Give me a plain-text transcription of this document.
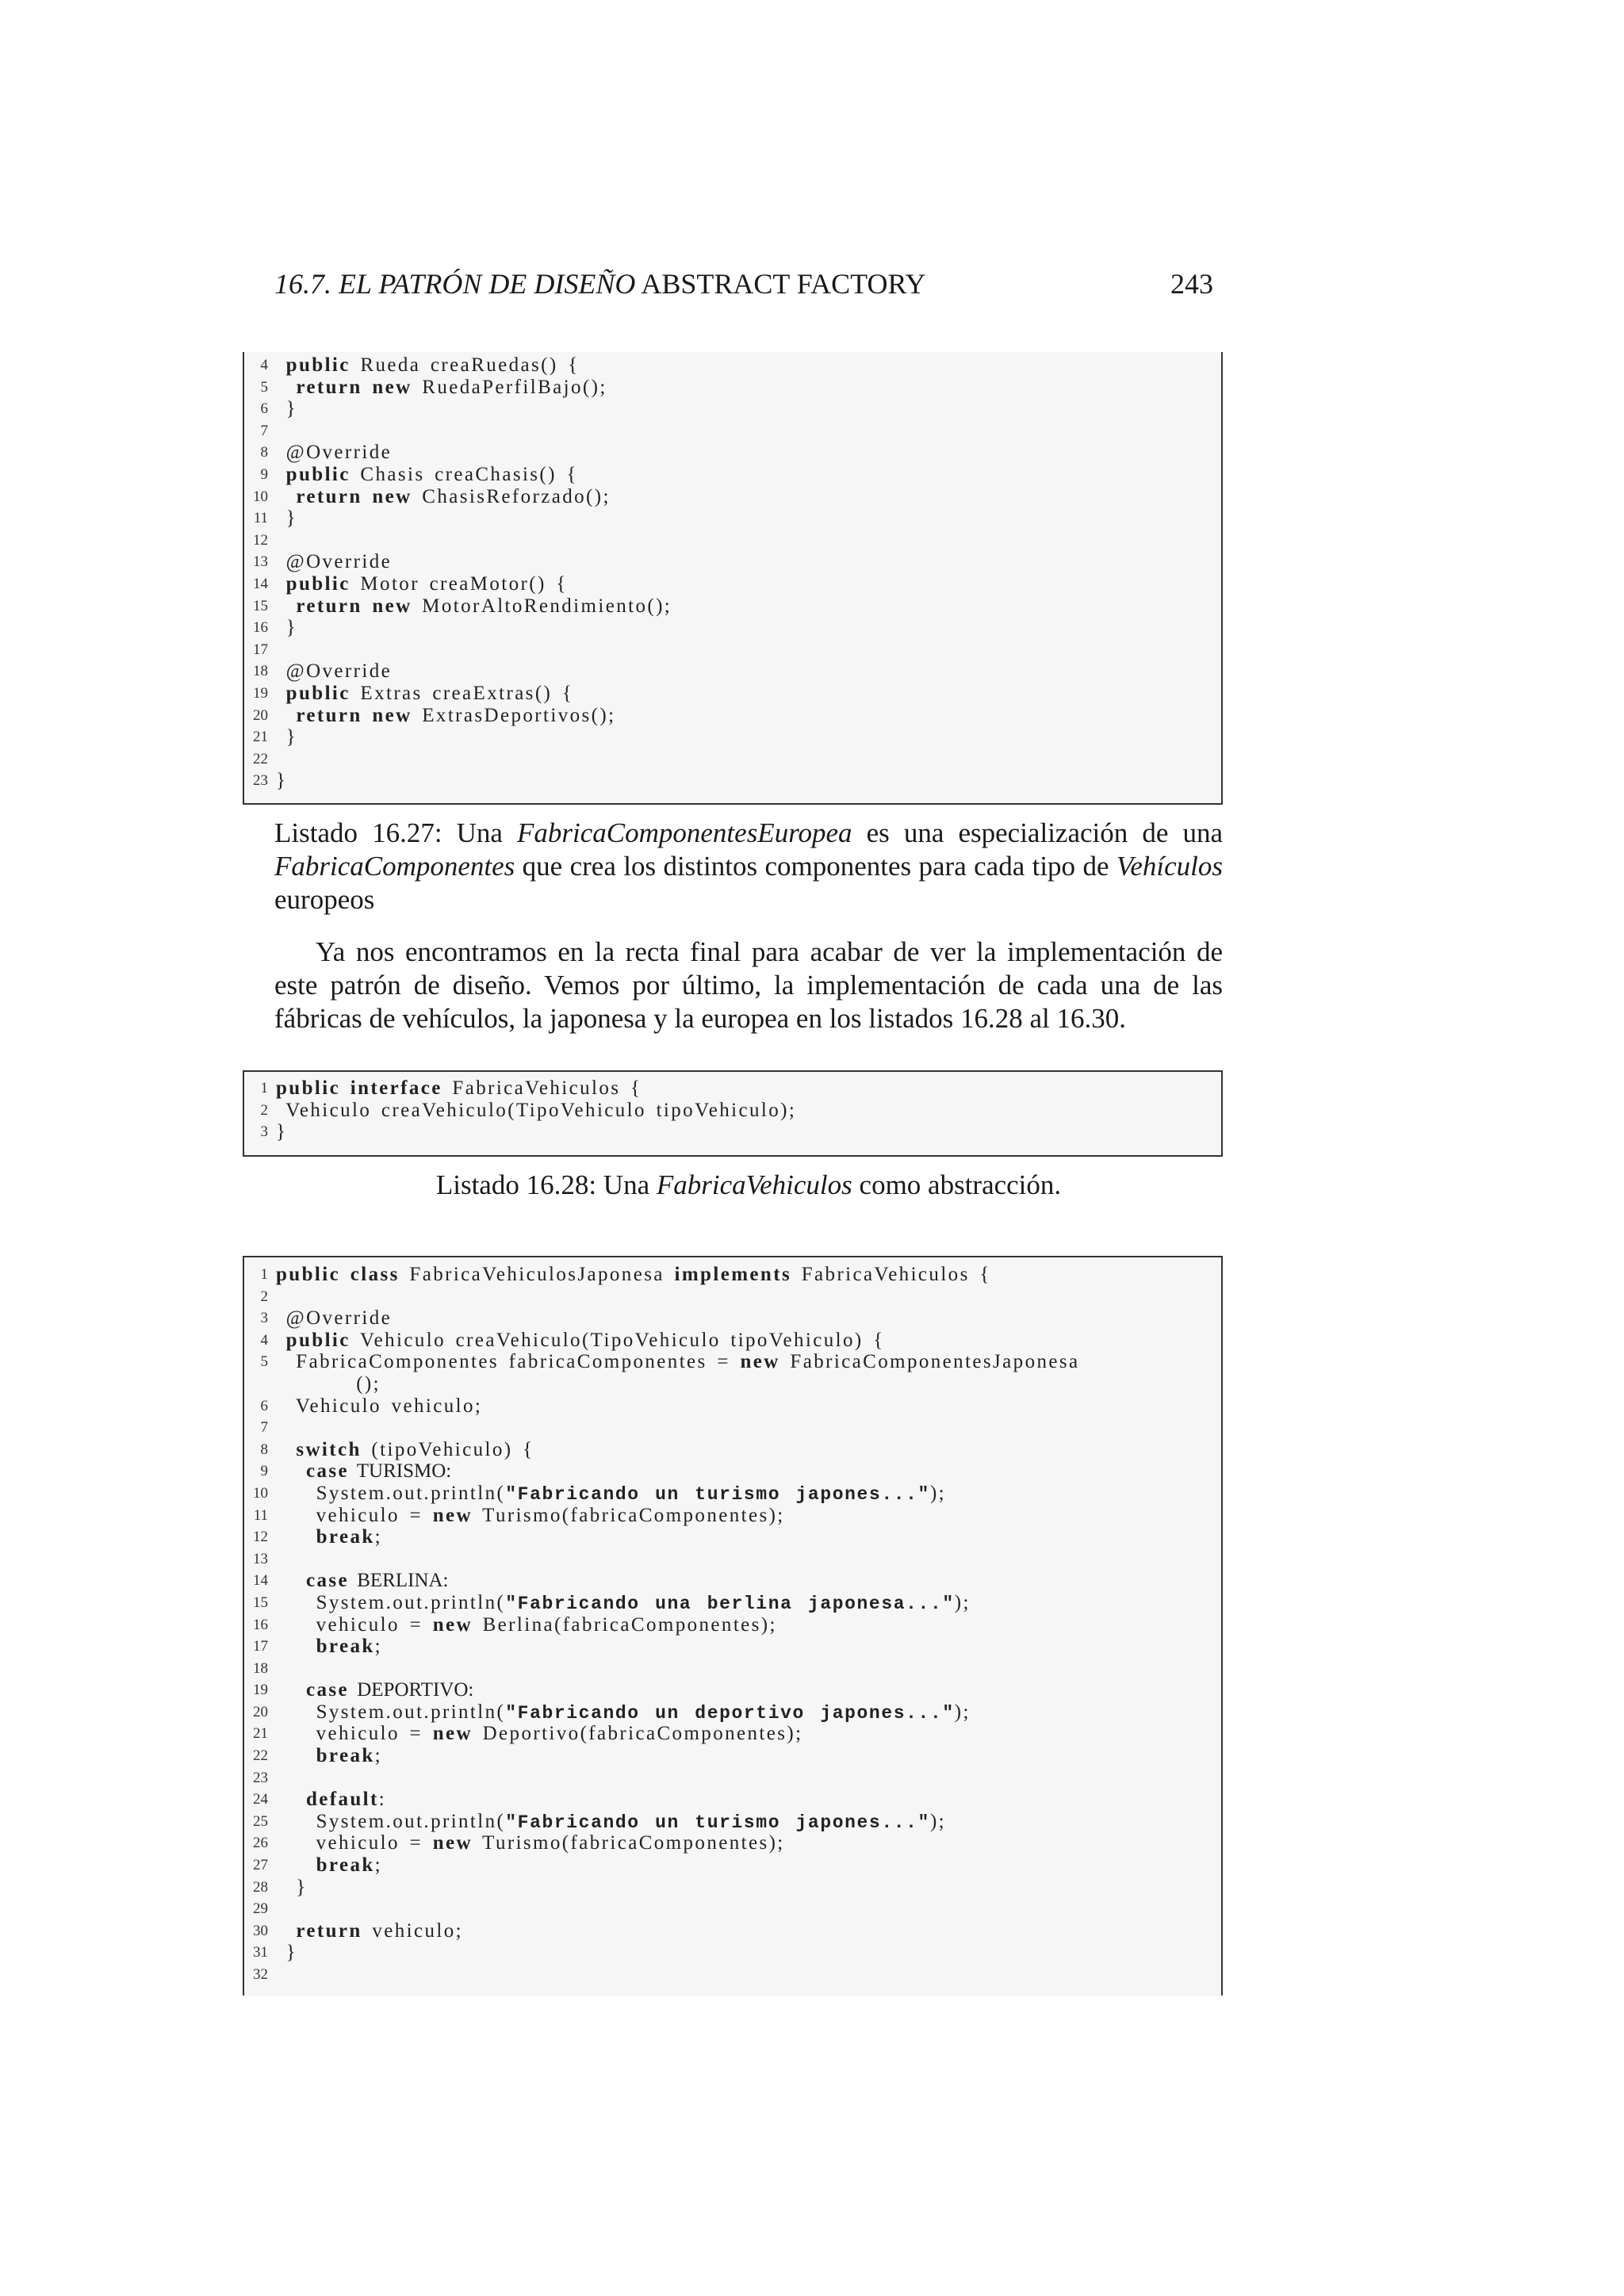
16.7. EL PATRÓN DE DISEÑO ABSTRACT FACTORY	243
4 public Rueda creaRuedas() {
5	return new RuedaPerfilBajo();
6 }
7
8 @Override
9 public Chasis creaChasis() {
10	return new ChasisReforzado();
11 }
12
13 @Override
14 public Motor creaMotor() {
15	return new MotorAltoRendimiento();
16 }
17
18 @Override
19 public Extras creaExtras() {
20	return new ExtrasDeportivos();
21 }
22
23 }
Listado 16.27: Una FabricaComponentesEuropea es una especialización de una FabricaComponentes que crea los distintos componentes para cada tipo de Vehículos europeos
Ya nos encontramos en la recta final para acabar de ver la implementación de este patrón de diseño. Vemos por último, la implementación de cada una de las fábricas de vehículos, la japonesa y la europea en los listados 16.28 al 16.30.
1 public interface FabricaVehiculos {
2 Vehiculo creaVehiculo(TipoVehiculo tipoVehiculo);
3 }
Listado 16.28: Una FabricaVehiculos como abstracción.
1 public class FabricaVehiculosJaponesa implements FabricaVehiculos {
2
3 @Override
4 public Vehiculo creaVehiculo(TipoVehiculo tipoVehiculo) {
5 FabricaComponentes fabricaComponentes = new FabricaComponentesJaponesa
();
6 Vehiculo vehiculo;
7
8	switch (tipoVehiculo) {
9	case TURISMO:
10 System.out.println("Fabricando un turismo japones...");
11 vehiculo = new Turismo(fabricaComponentes);
12	break;
13
14	case BERLINA:
15 System.out.println("Fabricando una berlina japonesa...");
16 vehiculo = new Berlina(fabricaComponentes);
17	break;
18
19	case DEPORTIVO:
20 System.out.println("Fabricando un deportivo japones...");
21 vehiculo = new Deportivo(fabricaComponentes);
22	break;
23
24	default:
25 System.out.println("Fabricando un turismo japones...");
26 vehiculo = new Turismo(fabricaComponentes);
27	break;
28 }
29
30	return vehiculo;
31 }
32
